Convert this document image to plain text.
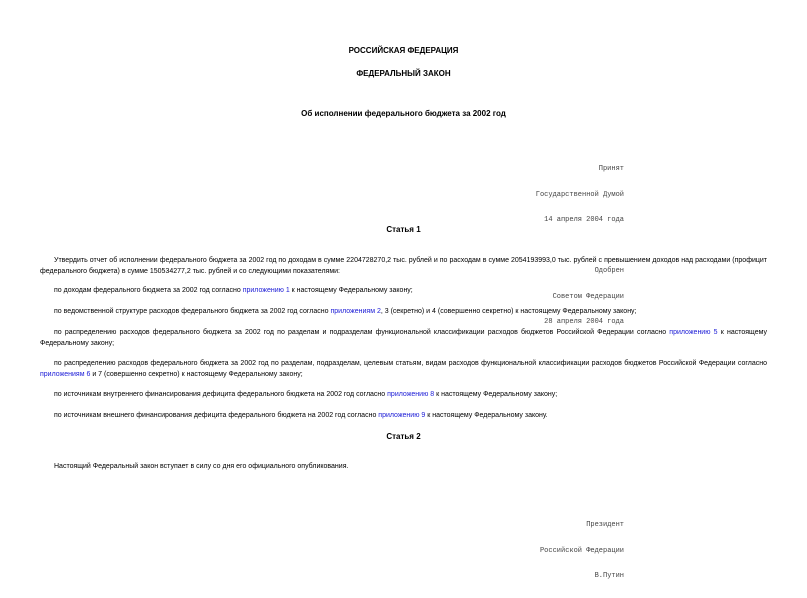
РОССИЙСКАЯ ФЕДЕРАЦИЯ
ФЕДЕРАЛЬНЫЙ ЗАКОН
Об исполнении федерального бюджета за 2002 год

Принят

Государственной Думой

14 апреля 2004 года

Одобрен

Советом Федерации

28 апреля 2004 года

Статья 1
Утвердить отчет об исполнении федерального бюджета за 2002 год по доходам в сумме 2204728270,2 тыс. рублей и по расходам в сумме 2054193993,0 тыс. рублей с превышением доходов над расходами (профицит федерального бюджета) в сумме 150534277,2 тыс. рублей и со следующими показателями:
по доходам федерального бюджета за 2002 год согласно приложению 1 к настоящему Федеральному закону;
по ведомственной структуре расходов федерального бюджета за 2002 год согласно приложениям 2, 3 (секретно) и 4 (совершенно секретно) к настоящему Федеральному закону;
по распределению расходов федерального бюджета за 2002 год по разделам и подразделам функциональной классификации расходов бюджетов Российской Федерации согласно приложению 5 к настоящему Федеральному закону;
по распределению расходов федерального бюджета за 2002 год по разделам, подразделам, целевым статьям, видам расходов функциональной классификации расходов бюджетов Российской Федерации согласно приложениям 6 и 7 (совершенно секретно) к настоящему Федеральному закону;
по источникам внутреннего финансирования дефицита федерального бюджета на 2002 год согласно приложению 8 к настоящему Федеральному закону;
по источникам внешнего финансирования дефицита федерального бюджета на 2002 год согласно приложению 9 к настоящему Федеральному закону.
Статья 2
Настоящий Федеральный закон вступает в силу со дня его официального опубликования.

Президент

Российской Федерации

В.Путин
